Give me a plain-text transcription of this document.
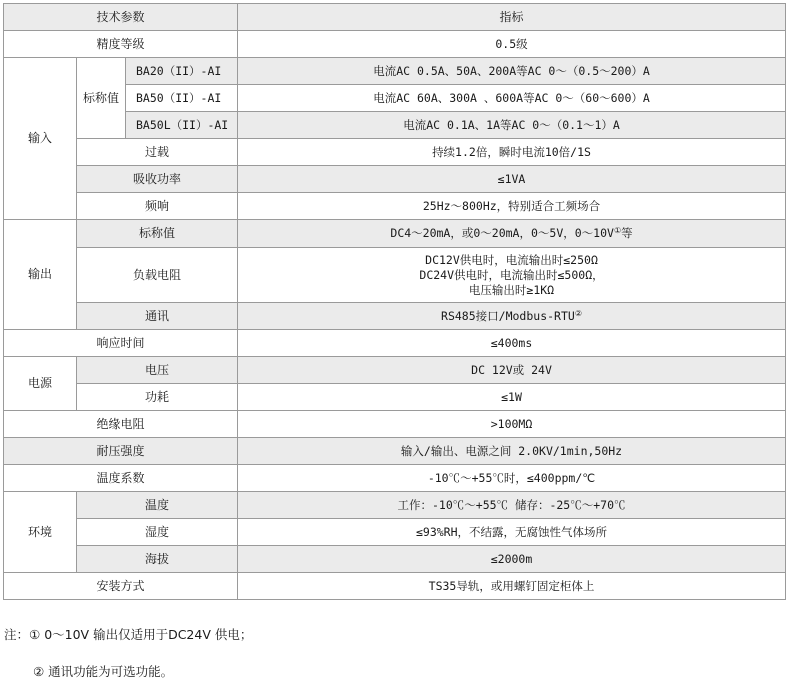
技术参数			指标
精度等级			0.5级
输入	标称值	BA20（II）-AI	电流AC 0.5A、50A、200A等AC 0～（0.5～200）A
		BA50（II）-AI	电流AC 60A、300A 、600A等AC 0～（60～600）A
		BA50L（II）-AI	电流AC 0.1A、1A等AC 0～（0.1～1）A
	过载		持续1.2倍，瞬时电流10倍/1S
	吸收功率		≤1VA
	频响		25Hz～800Hz，特别适合工频场合
输出	标称值		DC4～20mA，或0～20mA，0～5V，0～10V①等
	负载电阻		DC12V供电时，电流输出时≤250Ω
DC24V供电时，电流输出时≤500Ω，
电压输出时≥1KΩ

	通讯		RS485接口/Modbus-RTU②
响应时间			≤400ms
电源	电压		DC 12V或 24V
	功耗		≤1W
绝缘电阻			>100MΩ
耐压强度			输入/输出、电源之间 2.0KV/1min,50Hz
温度系数			-10℃～+55℃时，≤400ppm/℃
环境	温度		工作：-10℃～+55℃ 储存：-25℃～+70℃
	湿度		≤93%RH，不结露，无腐蚀性气体场所
	海拔		≤2000m
安装方式			TS35导轨，或用螺钉固定柜体上
注：① 0～10V 输出仅适用于DC24V 供电；
② 通讯功能为可选功能。
